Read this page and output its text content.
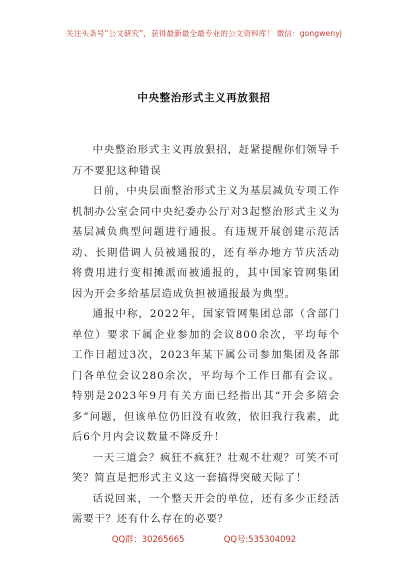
关注头条号“公文研究”，获得最新最全最专业的公文资料库！ 微信：gongwenyj
中央整治形式主义再放狠招

中央整治形式主义再放狠招，赶紧提醒你们领导千万不要犯这种错误

日前，中央层面整治形式主义为基层减负专项工作机制办公室会同中央纪委办公厅对3起整治形式主义为基层减负典型问题进行通报。有违规开展创建示范活动、长期借调人员被通报的，还有举办地方节庆活动将费用进行变相摊派而被通报的，其中国家管网集团因为开会多给基层造成负担被通报最为典型。

通报中称，2022年，国家管网集团总部（含部门单位）要求下属企业参加的会议800余次，平均每个工作日超过3次，2023年某下属公司参加集团及各部门各单位会议280余次，平均每个工作日都有会议。特别是2023年9月有关方面已经指出其“开会多陪会多”问题，但该单位仍旧没有收敛，依旧我行我素，此后6个月内会议数量不降反升！

一天三道会？疯狂不疯狂？壮观不壮观？可笑不可笑？简直是把形式主义这一套搞得突破天际了！

话说回来，一个整天开会的单位，还有多少正经活需要干？还有什么存在的必要？

QQ群：30265665	QQ号:535304092
